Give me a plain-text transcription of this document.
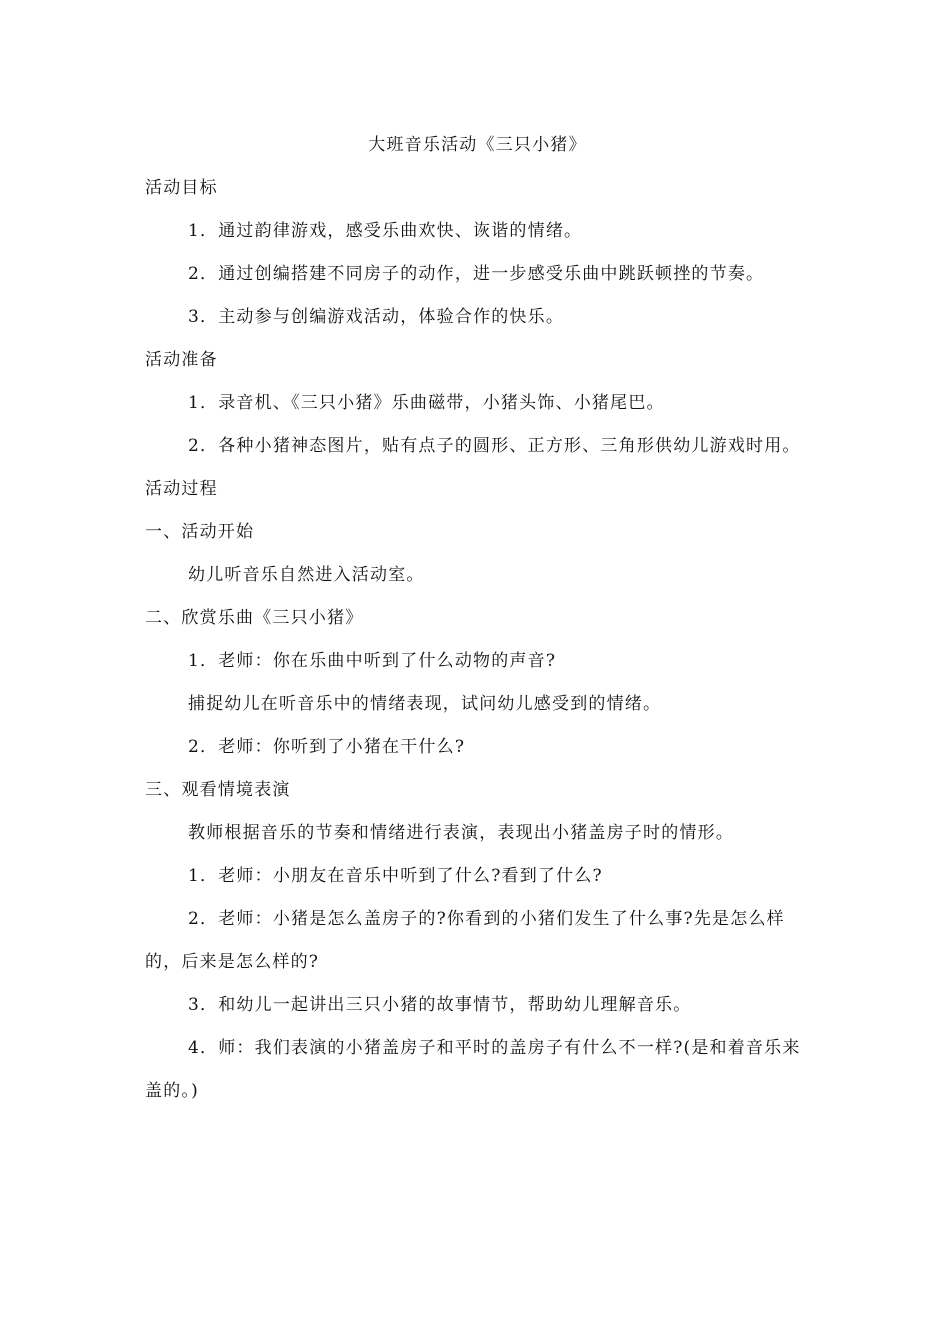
大班音乐活动《三只小猪》

活动目标

1．通过韵律游戏，感受乐曲欢快、诙谐的情绪。

2．通过创编搭建不同房子的动作，进一步感受乐曲中跳跃顿挫的节奏。

3．主动参与创编游戏活动，体验合作的快乐。

活动准备

1．录音机、《三只小猪》乐曲磁带，小猪头饰、小猪尾巴。

2．各种小猪神态图片，贴有点子的圆形、正方形、三角形供幼儿游戏时用。

活动过程

一、活动开始

幼儿听音乐自然进入活动室。

二、欣赏乐曲《三只小猪》

1．老师：你在乐曲中听到了什么动物的声音?

捕捉幼儿在听音乐中的情绪表现，试问幼儿感受到的情绪。

2．老师：你听到了小猪在干什么?

三、观看情境表演

教师根据音乐的节奏和情绪进行表演，表现出小猪盖房子时的情形。

1．老师：小朋友在音乐中听到了什么?看到了什么?

2．老师：小猪是怎么盖房子的?你看到的小猪们发生了什么事?先是怎么样的，后来是怎么样的?

3．和幼儿一起讲出三只小猪的故事情节，帮助幼儿理解音乐。

4．师：我们表演的小猪盖房子和平时的盖房子有什么不一样?(是和着音乐来盖的。)
